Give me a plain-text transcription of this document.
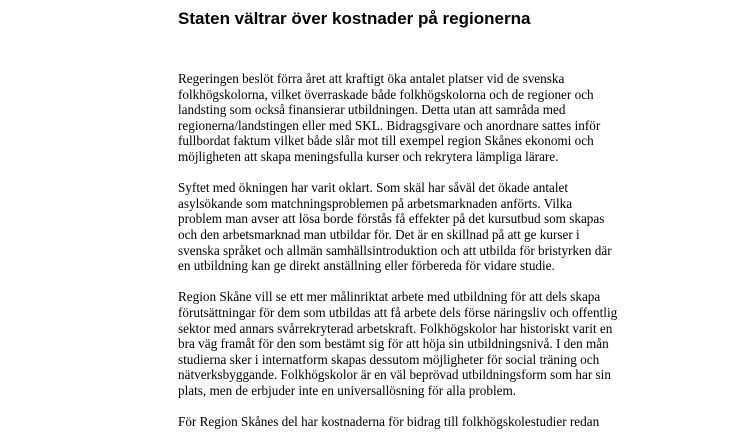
Staten vältrar över kostnader på regionerna

Regeringen beslöt förra året att kraftigt öka antalet platser vid de svenska
folkhögskolorna, vilket överraskade både folkhögskolorna och de regioner och
landsting som också finansierar utbildningen. Detta utan att samråda med
regionerna/landstingen eller med SKL. Bidragsgivare och anordnare sattes inför
fullbordat faktum vilket både slår mot till exempel region Skånes ekonomi och
möjligheten att skapa meningsfulla kurser och rekrytera lämpliga lärare.

Syftet med ökningen har varit oklart. Som skäl har såväl det ökade antalet
asylsökande som matchningsproblemen på arbetsmarknaden anförts. Vilka
problem man avser att lösa borde förstås få effekter på det kursutbud som skapas
och den arbetsmarknad man utbildar för. Det är en skillnad på att ge kurser i
svenska språket och allmän samhällsintroduktion och att utbilda för bristyrken där
en utbildning kan ge direkt anställning eller förbereda för vidare studie.

Region Skåne vill se ett mer målinriktat arbete med utbildning för att dels skapa
förutsättningar för dem som utbildas att få arbete dels förse näringsliv och offentlig
sektor med annars svårrekryterad arbetskraft. Folkhögskolor har historiskt varit en
bra väg framåt för den som bestämt sig för att höja sin utbildningsnivå. I den mån
studierna sker i internatform skapas dessutom möjligheter för social träning och
nätverksbyggande. Folkhögskolor är en väl beprövad utbildningsform som har sin
plats, men de erbjuder inte en universallösning för alla problem.

För Region Skånes del har kostnaderna för bidrag till folkhögskolestudier redan
